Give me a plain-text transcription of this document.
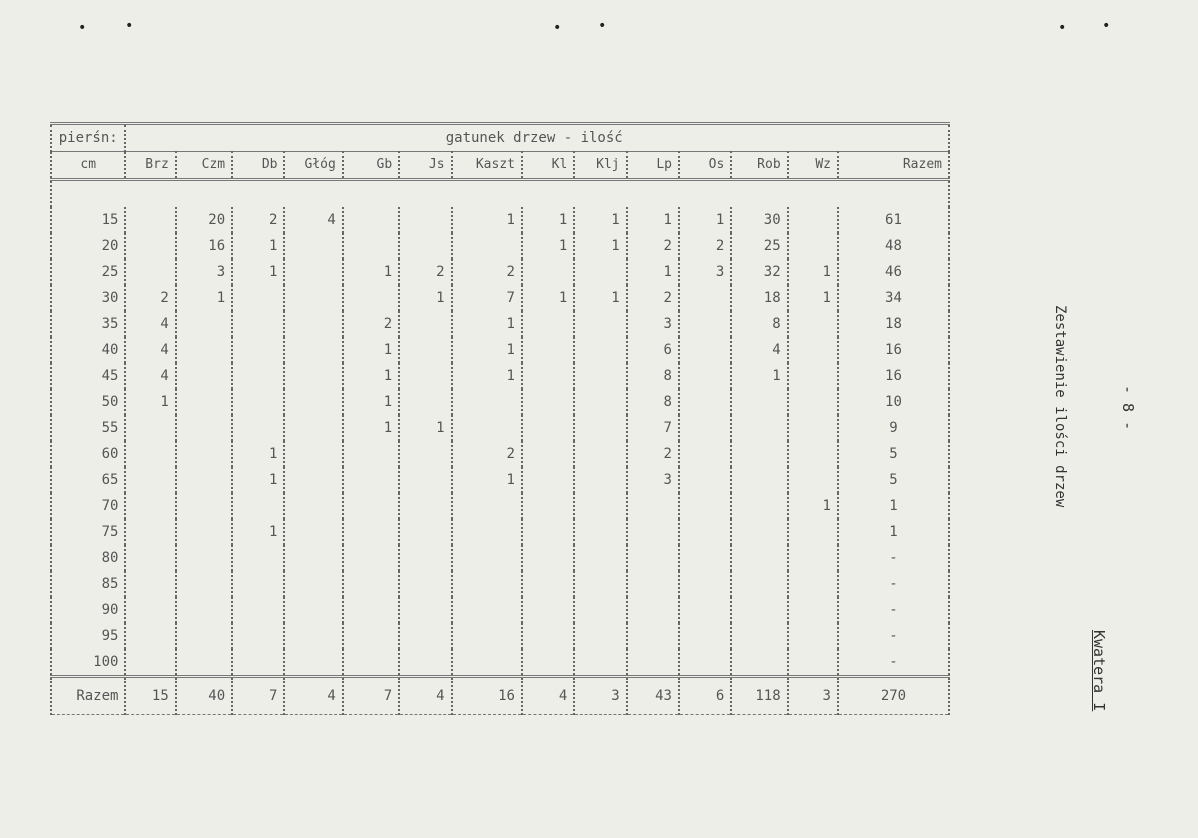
•	•	•	•	•	•
pierśn:	gatunek drzew - ilość													
cm	Brz	Czm	Db	Głóg	Gb	Js	Kaszt	Kl	Klj	Lp	Os	Rob	Wz	Razem

15		20	2	4			1	1	1	1	1	30		61
20		16	1					1	1	2	2	25		48
25		3	1		1	2	2			1	3	32	1	46
30	2	1				1	7	1	1	2		18	1	34
35	4				2		1			3		8		18
40	4				1		1			6		4		16
45	4				1		1			8		1		16
50	1				1					8				10
55					1	1				7				9
60			1				2			2				5
65			1				1			3				5
70													1	1
75			1											1
80														-
85														-
90														-
95														-
100														-
Razem	15	40	7	4	7	4	16	4	3	43	6	118	3	270
Zestawienie ilości drzew	- 8 -
Kwatera I
